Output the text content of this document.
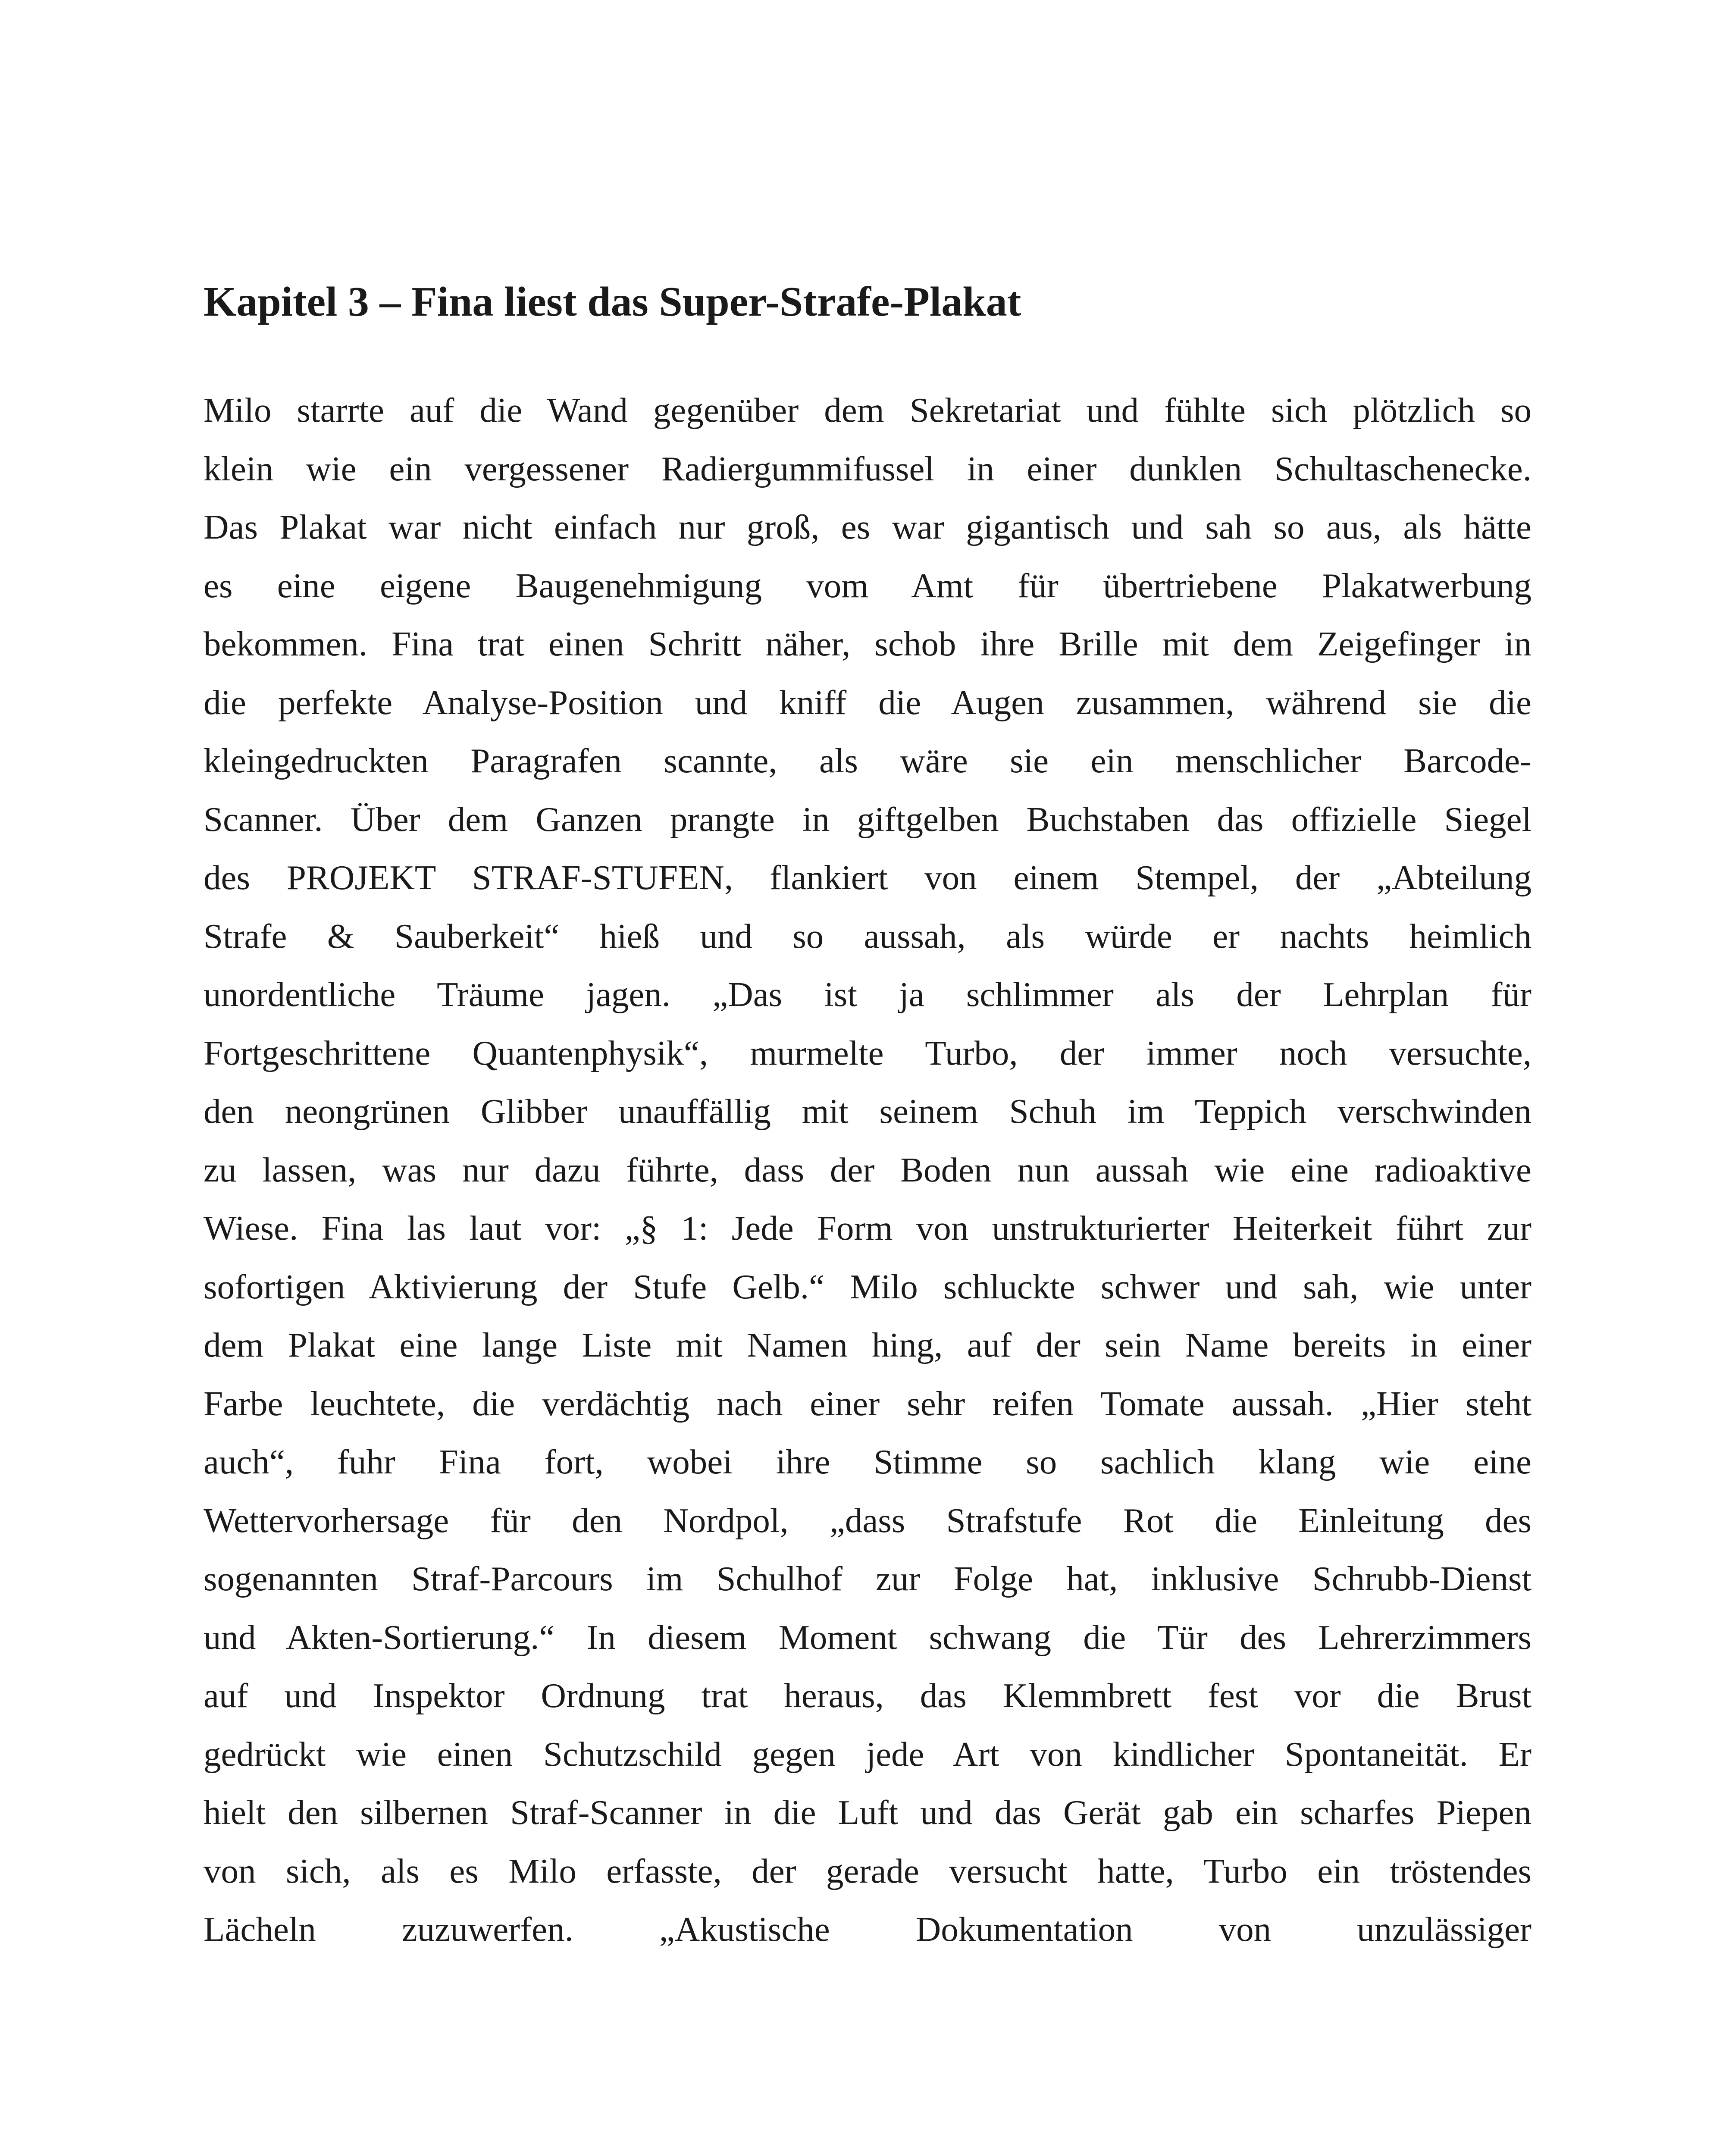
Kapitel 3 – Fina liest das Super-Strafe-Plakat
Milo starrte auf die Wand gegenüber dem Sekretariat und fühlte sich plötzlich so
klein wie ein vergessener Radiergummifussel in einer dunklen Schultaschenecke.
Das Plakat war nicht einfach nur groß, es war gigantisch und sah so aus, als hätte
es eine eigene Baugenehmigung vom Amt für übertriebene Plakatwerbung
bekommen. Fina trat einen Schritt näher, schob ihre Brille mit dem Zeigefinger in
die perfekte Analyse-Position und kniff die Augen zusammen, während sie die
kleingedruckten Paragrafen scannte, als wäre sie ein menschlicher Barcode-
Scanner. Über dem Ganzen prangte in giftgelben Buchstaben das offizielle Siegel
des PROJEKT STRAF-STUFEN, flankiert von einem Stempel, der „Abteilung
Strafe & Sauberkeit“ hieß und so aussah, als würde er nachts heimlich
unordentliche Träume jagen. „Das ist ja schlimmer als der Lehrplan für
Fortgeschrittene Quantenphysik“, murmelte Turbo, der immer noch versuchte,
den neongrünen Glibber unauffällig mit seinem Schuh im Teppich verschwinden
zu lassen, was nur dazu führte, dass der Boden nun aussah wie eine radioaktive
Wiese. Fina las laut vor: „§ 1: Jede Form von unstrukturierter Heiterkeit führt zur
sofortigen Aktivierung der Stufe Gelb.“ Milo schluckte schwer und sah, wie unter
dem Plakat eine lange Liste mit Namen hing, auf der sein Name bereits in einer
Farbe leuchtete, die verdächtig nach einer sehr reifen Tomate aussah. „Hier steht
auch“, fuhr Fina fort, wobei ihre Stimme so sachlich klang wie eine
Wettervorhersage für den Nordpol, „dass Strafstufe Rot die Einleitung des
sogenannten Straf-Parcours im Schulhof zur Folge hat, inklusive Schrubb-Dienst
und Akten-Sortierung.“ In diesem Moment schwang die Tür des Lehrerzimmers
auf und Inspektor Ordnung trat heraus, das Klemmbrett fest vor die Brust
gedrückt wie einen Schutzschild gegen jede Art von kindlicher Spontaneität. Er
hielt den silbernen Straf-Scanner in die Luft und das Gerät gab ein scharfes Piepen
von sich, als es Milo erfasste, der gerade versucht hatte, Turbo ein tröstendes
Lächeln zuzuwerfen. „Akustische Dokumentation von unzulässiger
